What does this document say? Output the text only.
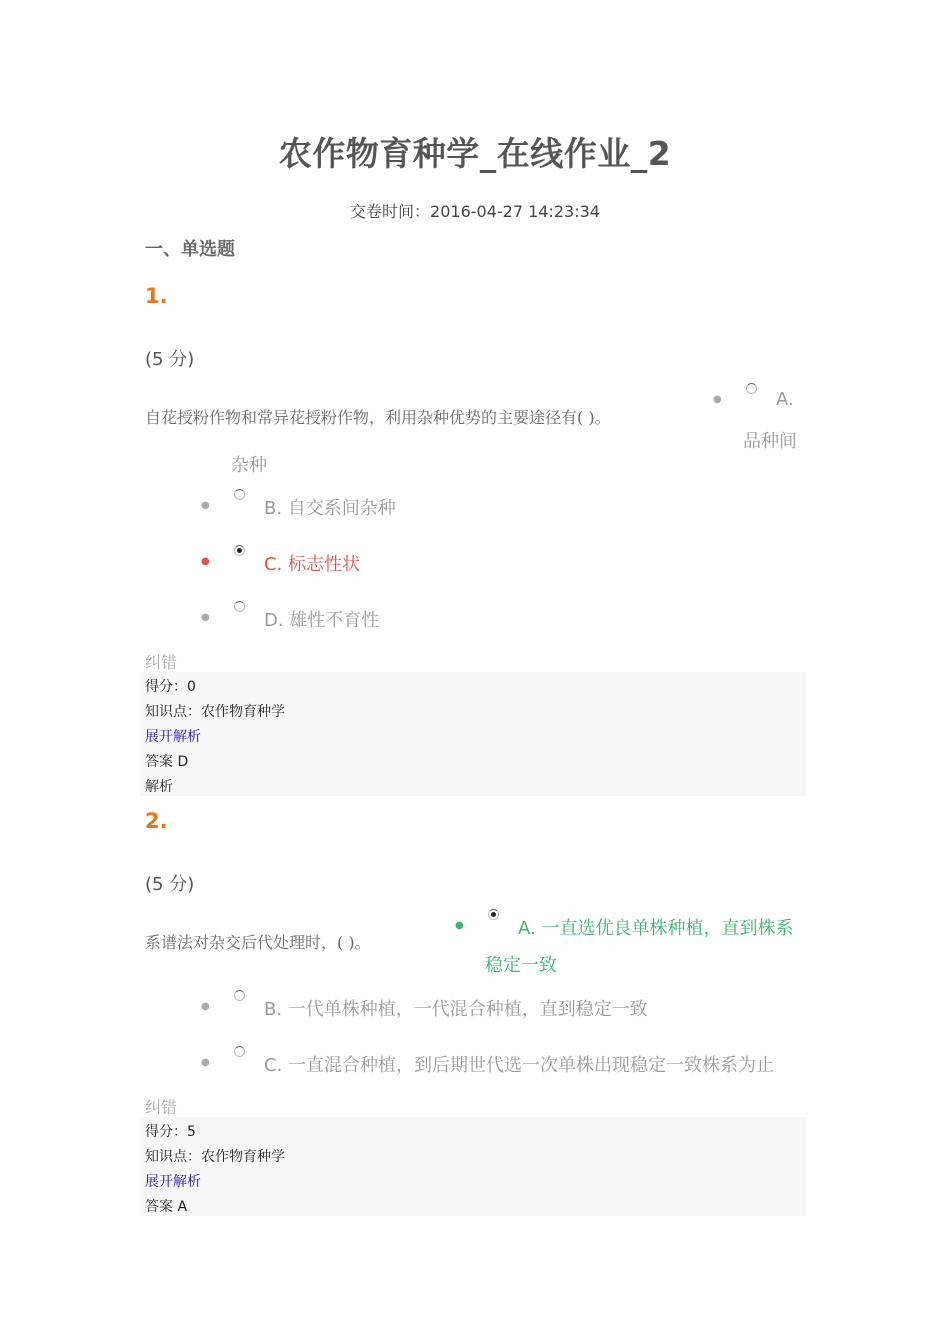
农作物育种学_在线作业_2
交卷时间：2016-04-27 14:23:34
一、单选题
1.
(5 分)
自花授粉作物和常异花授粉作物，利用杂种优势的主要途径有( )。
●	A.
品种间
杂种
●	B. 自交系间杂种
●	C. 标志性状
●	D. 雄性不育性
纠错
得分：0
知识点：农作物育种学
展开解析
答案 D
解析
2.
(5 分)
系谱法对杂交后代处理时，( )。
●	A. 一直选优良单株种植，直到株系
稳定一致
●	B. 一代单株种植，一代混合种植，直到稳定一致
●	C. 一直混合种植，到后期世代选一次单株出现稳定一致株系为止
纠错
得分：5
知识点：农作物育种学
展开解析
答案 A
